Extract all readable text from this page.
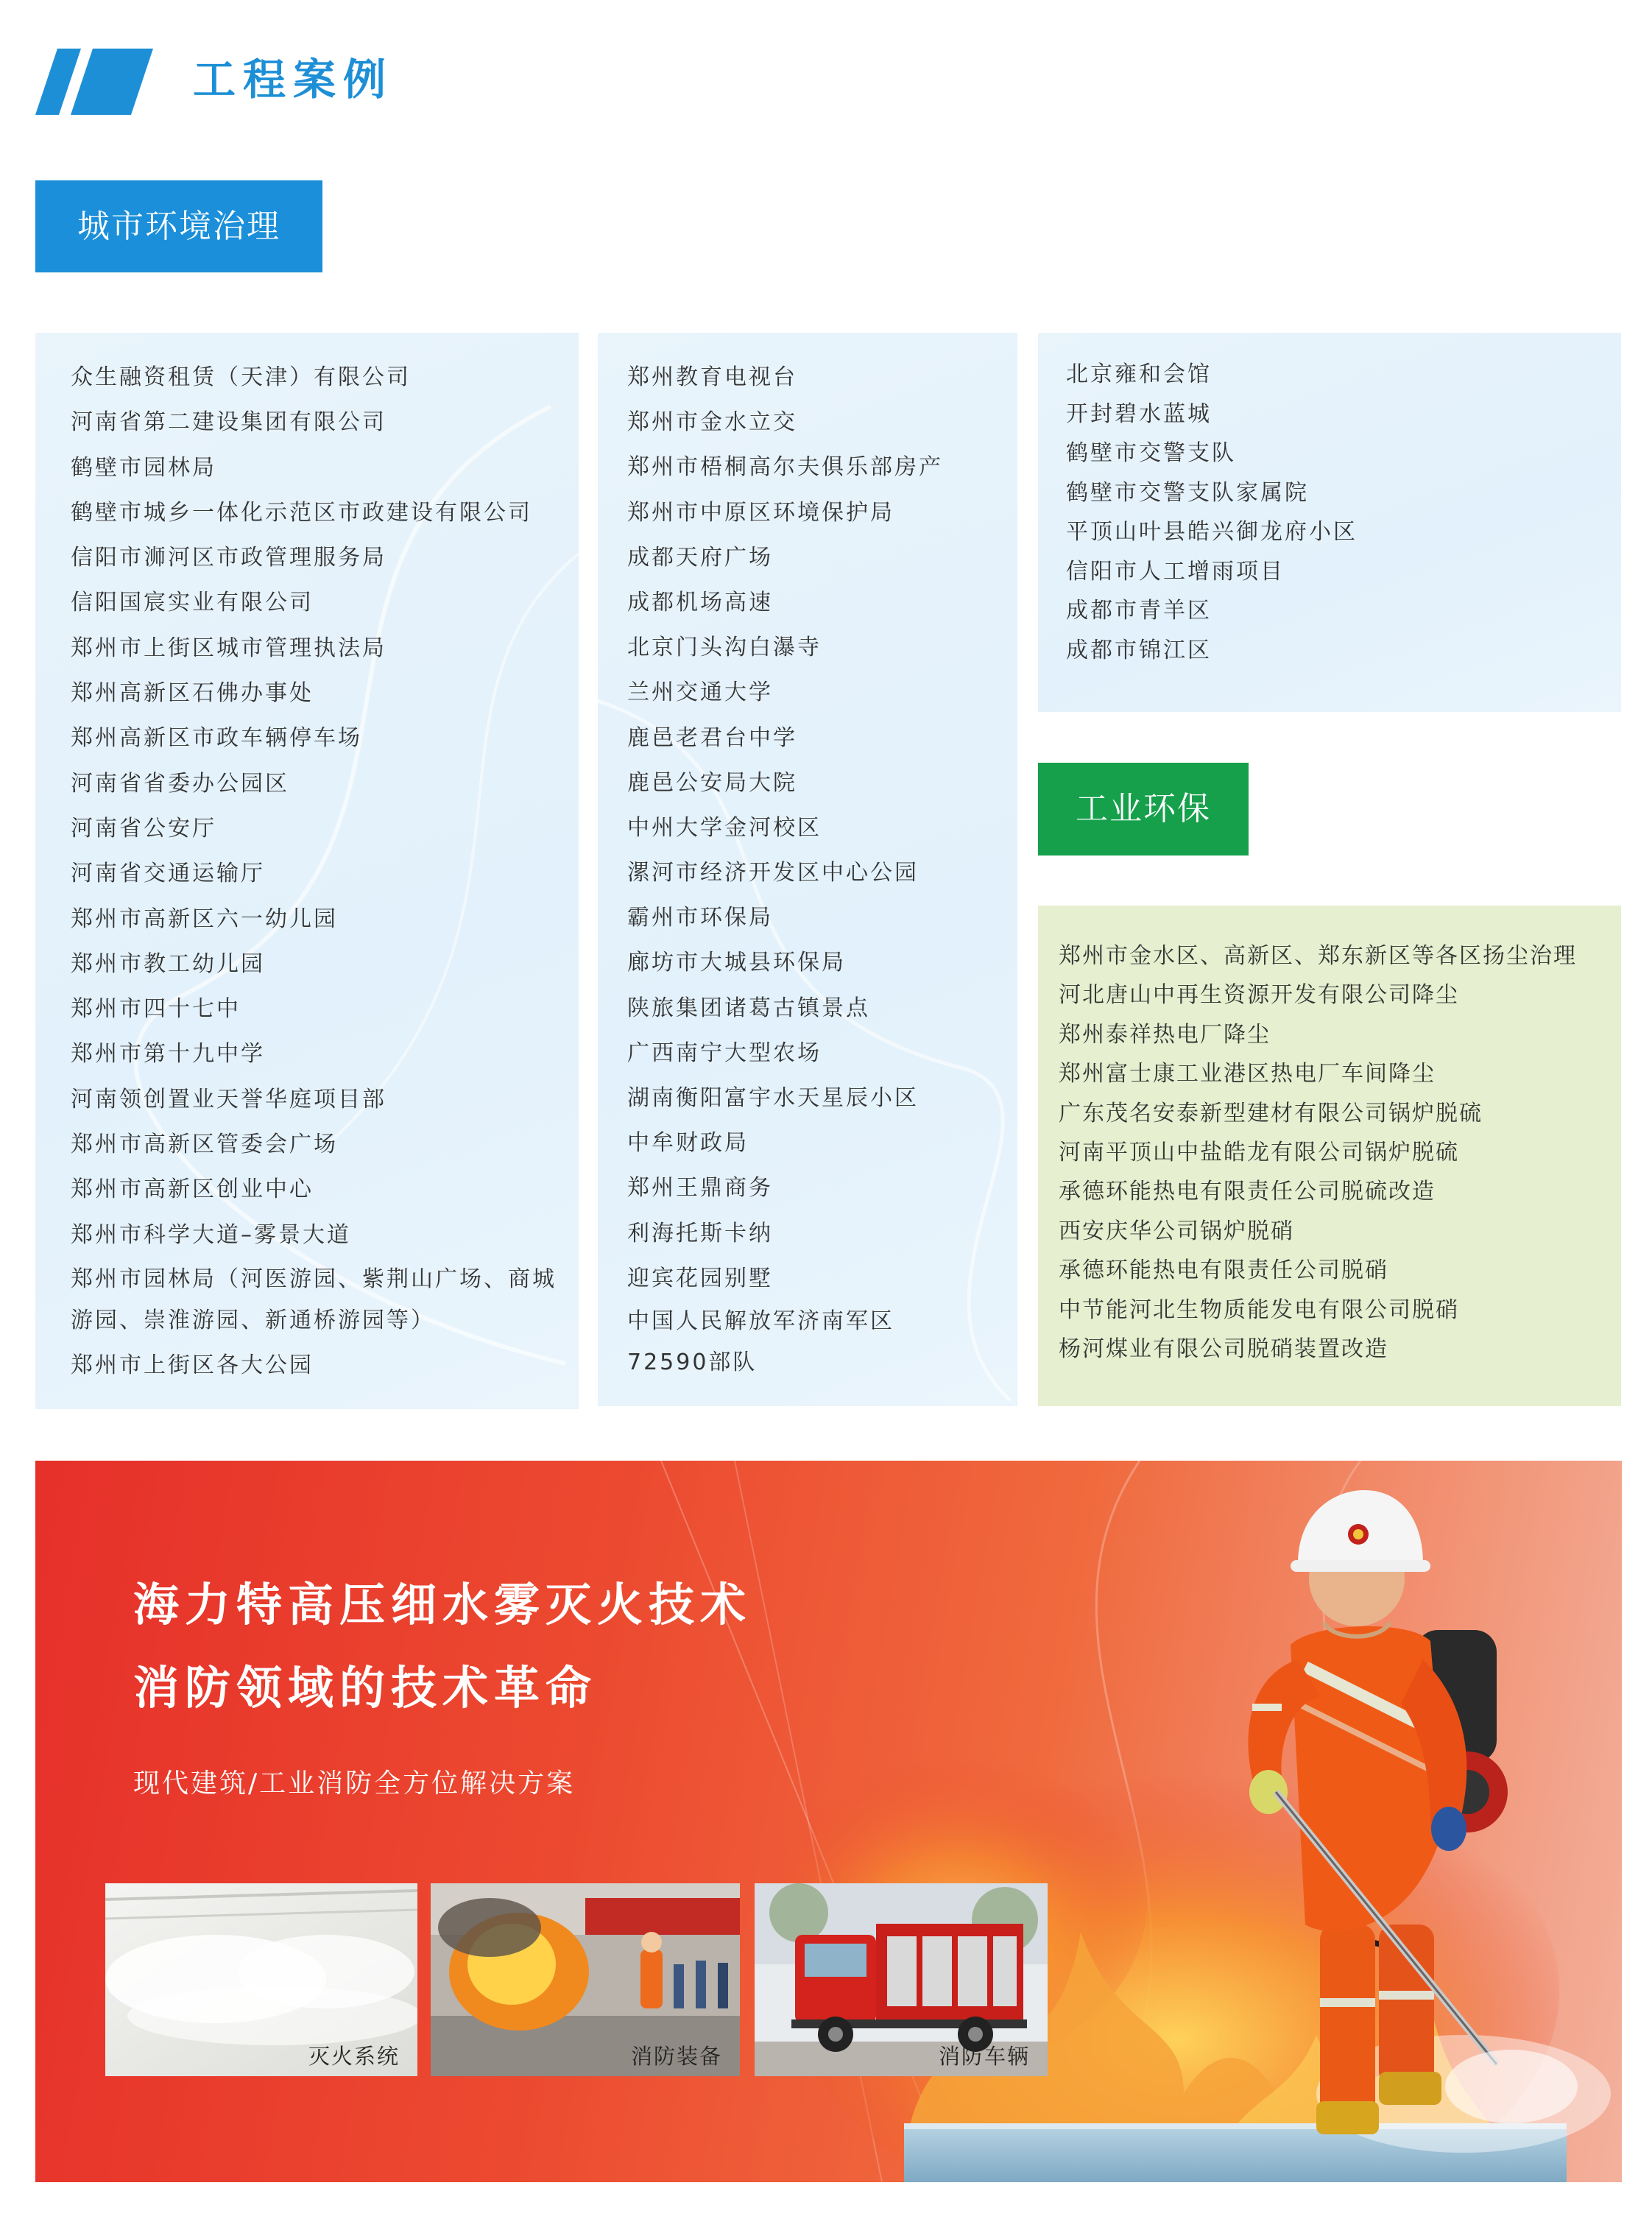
工程案例
城市环境治理
众生融资租赁（天津）有限公司
河南省第二建设集团有限公司
鹤壁市园林局
鹤壁市城乡一体化示范区市政建设有限公司
信阳市浉河区市政管理服务局
信阳国宸实业有限公司
郑州市上街区城市管理执法局
郑州高新区石佛办事处
郑州高新区市政车辆停车场
河南省省委办公园区
河南省公安厅
河南省交通运输厅
郑州市高新区六一幼儿园
郑州市教工幼儿园
郑州市四十七中
郑州市第十九中学
河南领创置业天誉华庭项目部
郑州市高新区管委会广场
郑州市高新区创业中心
郑州市科学大道–雾景大道
郑州市园林局（河医游园、紫荆山广场、商城游园、崇淮游园、新通桥游园等）
郑州市上街区各大公园
郑州教育电视台
郑州市金水立交
郑州市梧桐高尔夫俱乐部房产
郑州市中原区环境保护局
成都天府广场
成都机场高速
北京门头沟白瀑寺
兰州交通大学
鹿邑老君台中学
鹿邑公安局大院
中州大学金河校区
漯河市经济开发区中心公园
霸州市环保局
廊坊市大城县环保局
陕旅集团诸葛古镇景点
广西南宁大型农场
湖南衡阳富宇水天星辰小区
中牟财政局
郑州王鼎商务
利海托斯卡纳
迎宾花园别墅
中国人民解放军济南军区72590部队
北京雍和会馆
开封碧水蓝城
鹤壁市交警支队
鹤壁市交警支队家属院
平顶山叶县皓兴御龙府小区
信阳市人工增雨项目
成都市青羊区
成都市锦江区
工业环保
郑州市金水区、高新区、郑东新区等各区扬尘治理
河北唐山中再生资源开发有限公司降尘
郑州泰祥热电厂降尘
郑州富士康工业港区热电厂车间降尘
广东茂名安泰新型建材有限公司锅炉脱硫
河南平顶山中盐皓龙有限公司锅炉脱硫
承德环能热电有限责任公司脱硫改造
西安庆华公司锅炉脱硝
承德环能热电有限责任公司脱硝
中节能河北生物质能发电有限公司脱硝
杨河煤业有限公司脱硝装置改造
海力特高压细水雾灭火技术
消防领域的技术革命
现代建筑/工业消防全方位解决方案
灭火系统	消防装备	消防车辆
